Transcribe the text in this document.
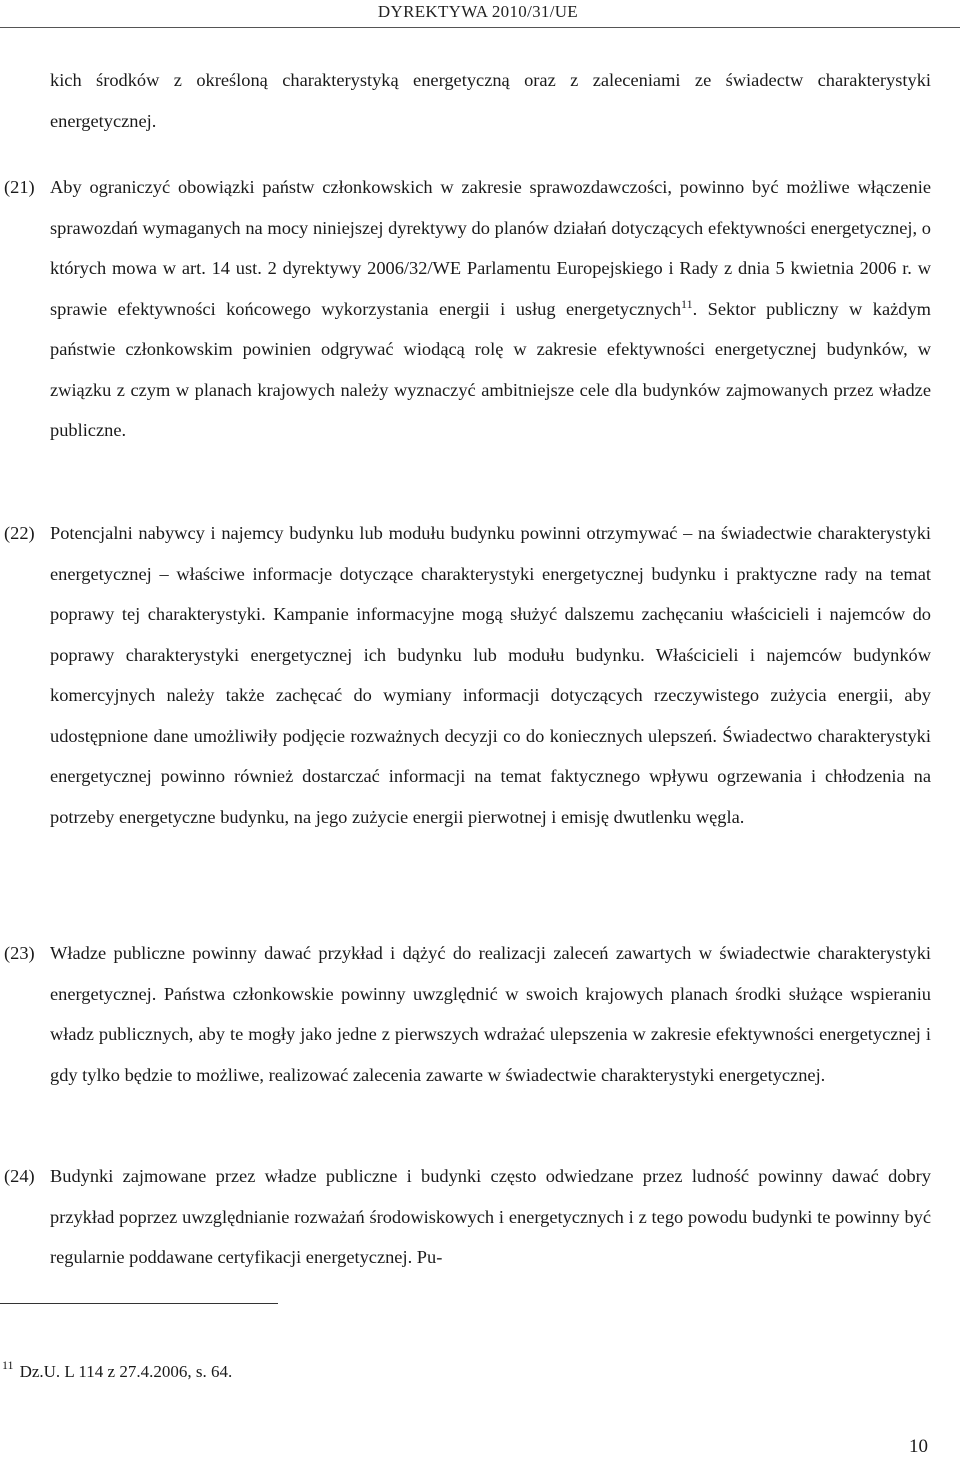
DYREKTYWA 2010/31/UE

kich środków z określoną charakterystyką energetyczną oraz z zaleceniami ze świadectw charakterystyki energetycznej.

(21) Aby ograniczyć obowiązki państw członkowskich w zakresie sprawozdawczości, powinno być możliwe włączenie sprawozdań wymaganych na mocy niniejszej dyrektywy do planów działań dotyczących efektywności energetycznej, o których mowa w art. 14 ust. 2 dyrektywy 2006/32/WE Parlamentu Europejskiego i Rady z dnia 5 kwietnia 2006 r. w sprawie efektywności końcowego wykorzystania energii i usług energetycznych$^{11}$. Sektor publiczny w każdym państwie członkowskim powinien odgrywać wiodącą rolę w zakresie efektywności energetycznej budynków, w związku z czym w planach krajowych należy wyznaczyć ambitniejsze cele dla budynków zajmowanych przez władze publiczne.

(22) Potencjalni nabywcy i najemcy budynku lub modułu budynku powinni otrzymywać – na świadectwie charakterystyki energetycznej – właściwe informacje dotyczące charakterystyki energetycznej budynku i praktyczne rady na temat poprawy tej charakterystyki. Kampanie informacyjne mogą służyć dalszemu zachęcaniu właścicieli i najemców do poprawy charakterystyki energetycznej ich budynku lub modułu budynku. Właścicieli i najemców budynków komercyjnych należy także zachęcać do wymiany informacji dotyczących rzeczywistego zużycia energii, aby udostępnione dane umożliwiły podjęcie rozważnych decyzji co do koniecznych ulepszeń. Świadectwo charakterystyki energetycznej powinno również dostarczać informacji na temat faktycznego wpływu ogrzewania i chłodzenia na potrzeby energetyczne budynku, na jego zużycie energii pierwotnej i emisję dwutlenku węgla.

(23) Władze publiczne powinny dawać przykład i dążyć do realizacji zaleceń zawartych w świadectwie charakterystyki energetycznej. Państwa członkowskie powinny uwzględnić w swoich krajowych planach środki służące wspieraniu władz publicznych, aby te mogły jako jedne z pierwszych wdrażać ulepszenia w zakresie efektywności energetycznej i gdy tylko będzie to możliwe, realizować zalecenia zawarte w świadectwie charakterystyki energetycznej.

(24) Budynki zajmowane przez władze publiczne i budynki często odwiedzane przez ludność powinny dawać dobry przykład poprzez uwzględnianie rozważań środowiskowych i energetycznych i z tego powodu budynki te powinny być regularnie poddawane certyfikacji energetycznej. Pu-

$^{11}$ Dz.U. L 114 z 27.4.2006, s. 64.
10
